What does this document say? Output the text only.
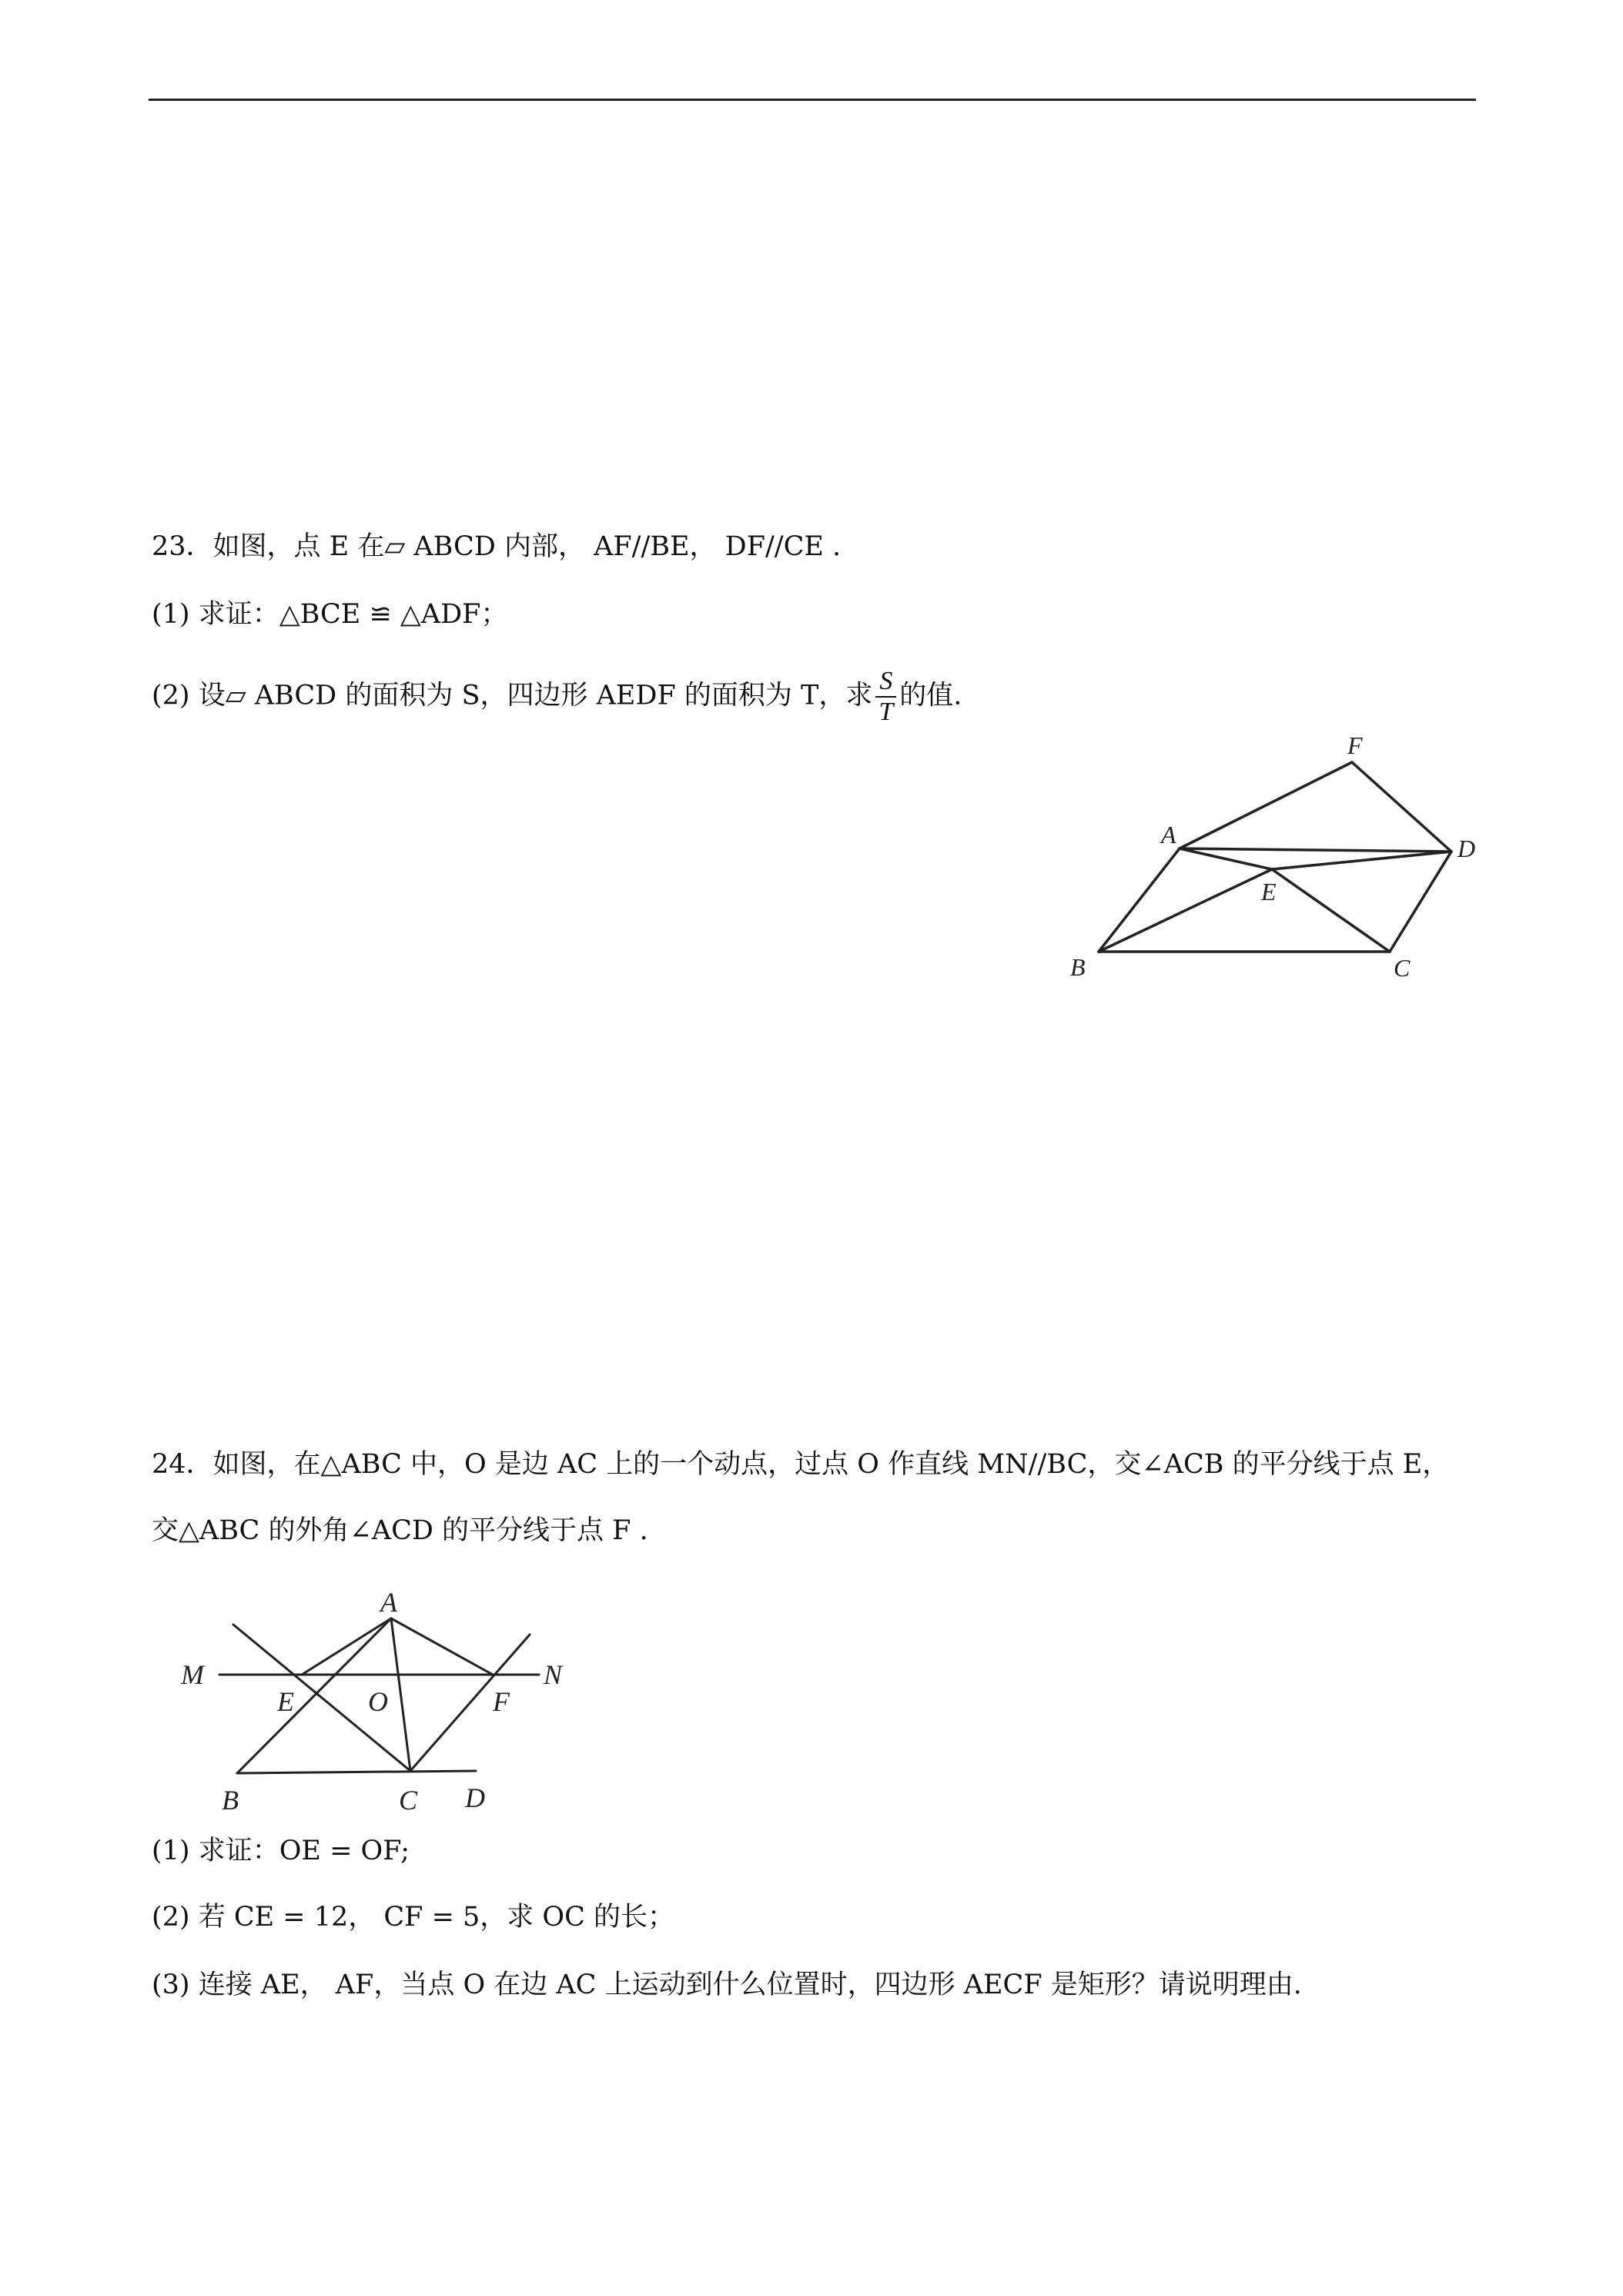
23．如图，点 E 在▱ ABCD 内部， AF//BE， DF//CE .
(1) 求证：△BCE ≌ △ADF；
(2) 设▱ ABCD 的面积为 S，四边形 AEDF 的面积为 T，求 $\frac{S}{T}$ 的值.
F
A	D
E
B	C
24．如图，在△ABC 中，O 是边 AC 上的一个动点，过点 O 作直线 MN//BC，交∠ACB 的平分线于点 E，
交△ABC 的外角∠ACD 的平分线于点 F .
A
M	N
E	O	F
B	C D
(1) 求证：OE = OF;
(2) 若 CE = 12， CF = 5，求 OC 的长；
(3) 连接 AE， AF，当点 O 在边 AC 上运动到什么位置时，四边形 AECF 是矩形？请说明理由.
